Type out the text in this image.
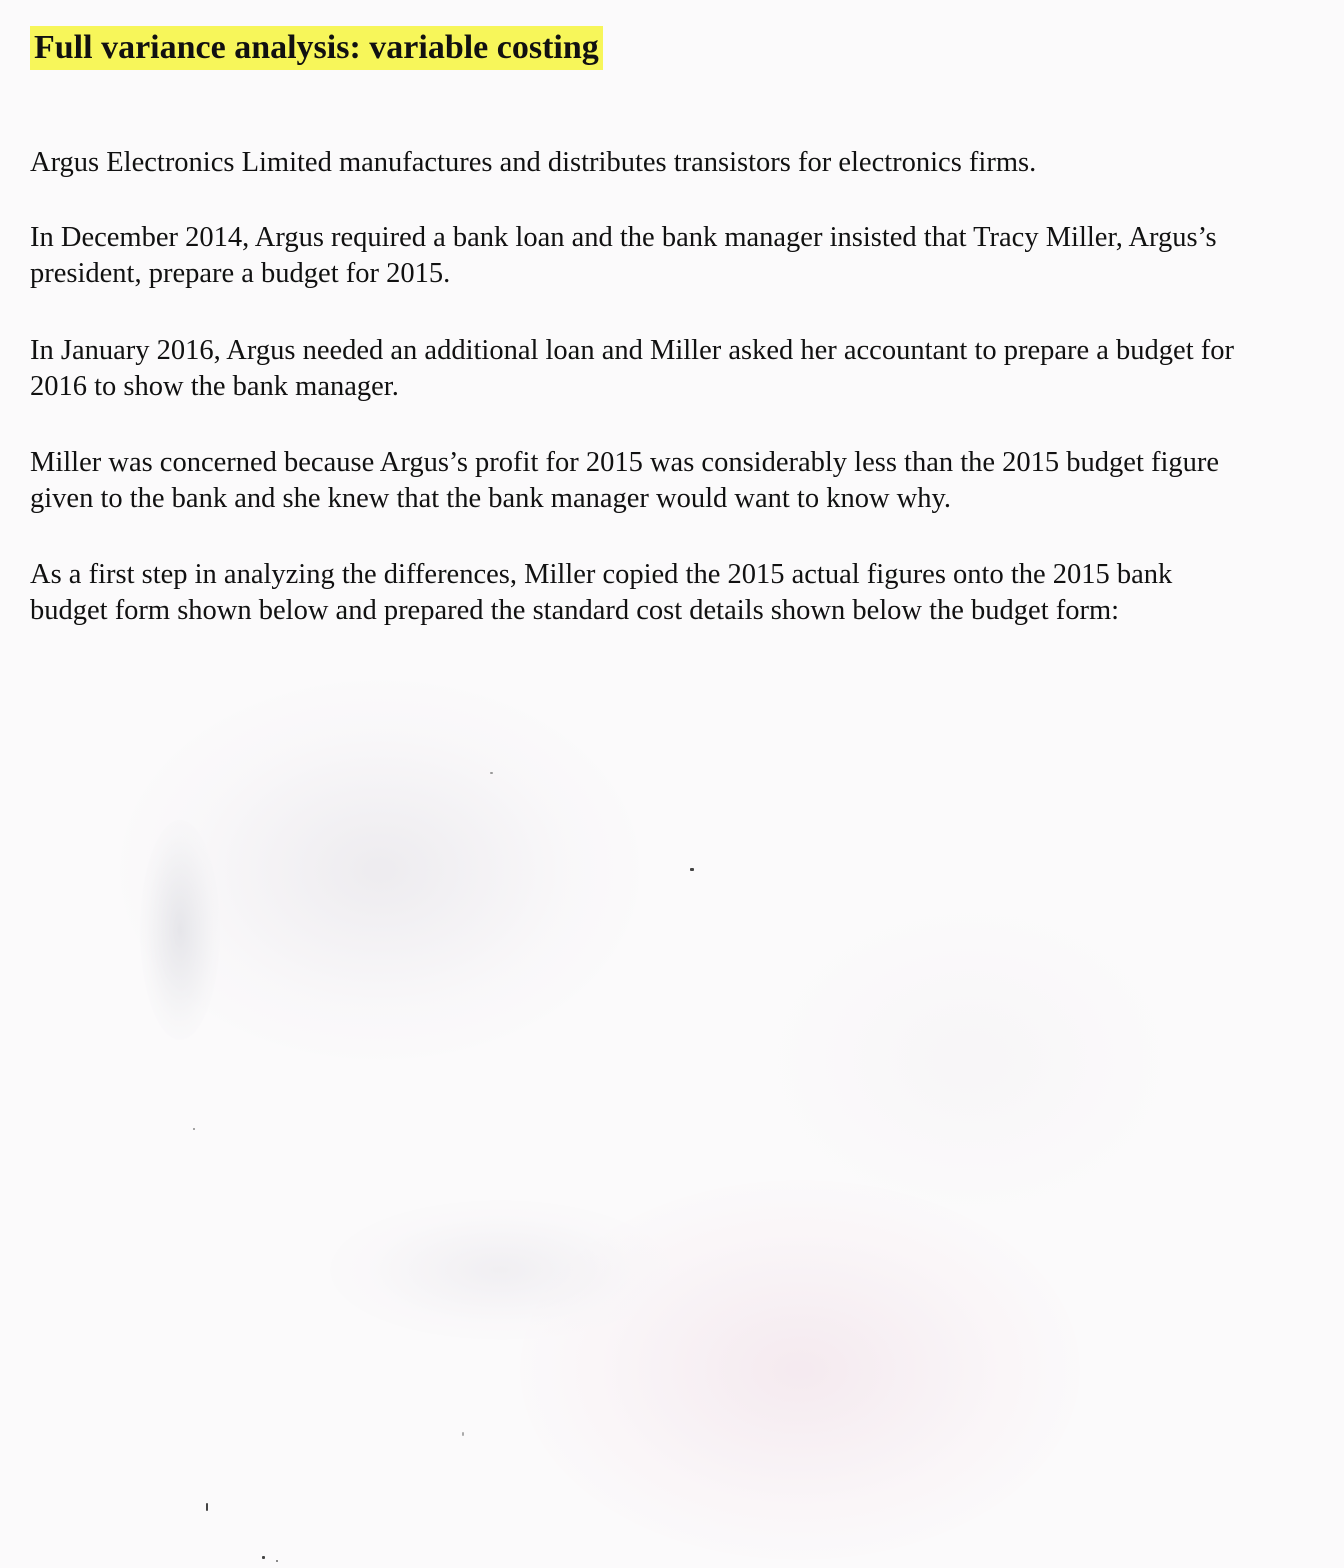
Full variance analysis: variable costing

Argus Electronics Limited manufactures and distributes transistors for electronics firms.

In December 2014, Argus required a bank loan and the bank manager insisted that Tracy Miller, Argus’s
president, prepare a budget for 2015.

In January 2016, Argus needed an additional loan and Miller asked her accountant to prepare a budget for
2016 to show the bank manager.

Miller was concerned because Argus’s profit for 2015 was considerably less than the 2015 budget figure
given to the bank and she knew that the bank manager would want to know why.

As a first step in analyzing the differences, Miller copied the 2015 actual figures onto the 2015 bank
budget form shown below and prepared the standard cost details shown below the budget form:
